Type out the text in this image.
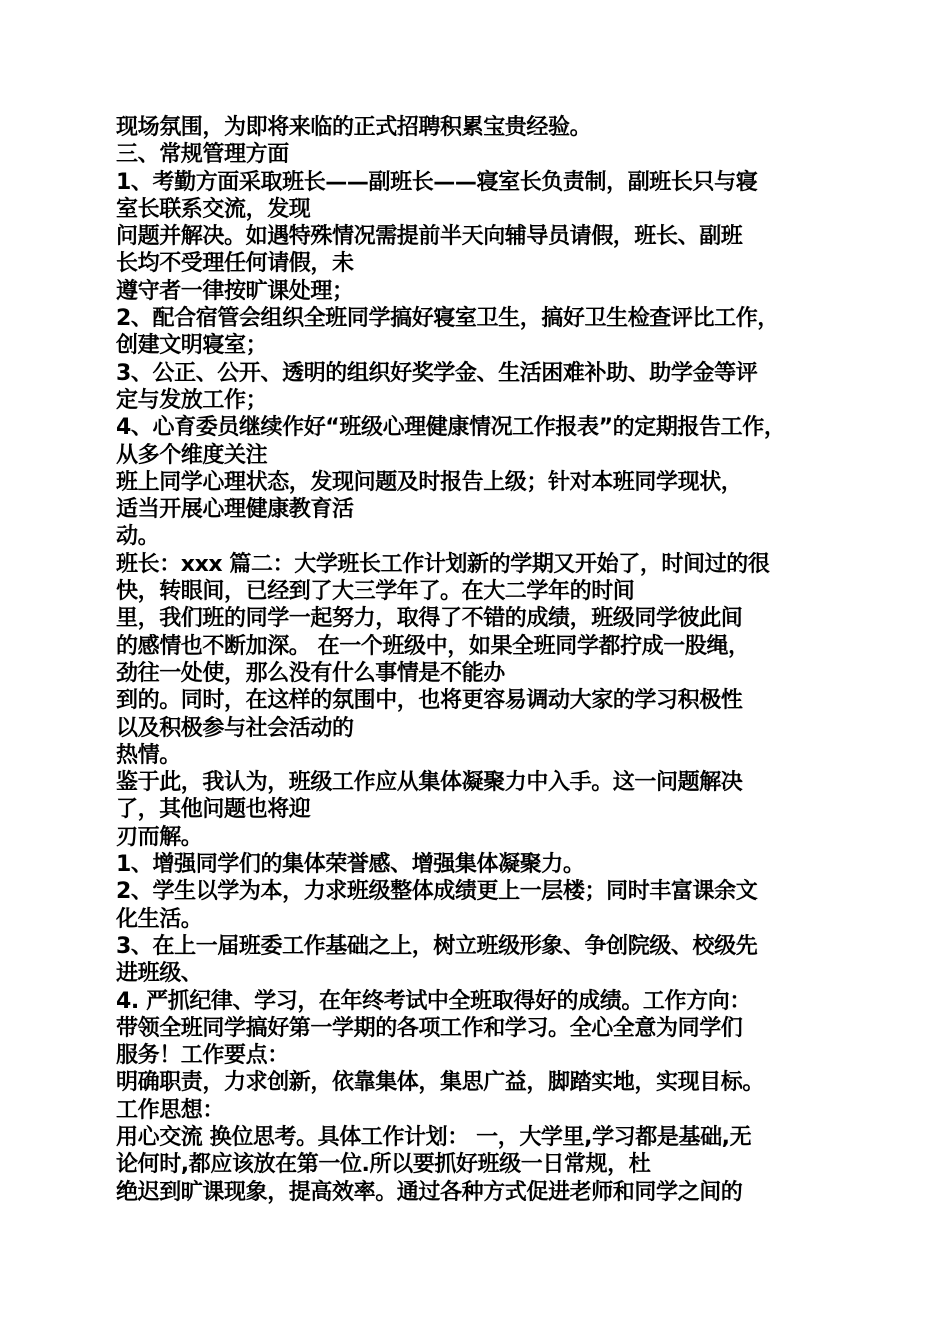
现场氛围，为即将来临的正式招聘积累宝贵经验。
三、常规管理方面
1、考勤方面采取班长——副班长——寝室长负责制，副班长只与寝
室长联系交流，发现
问题并解决。如遇特殊情况需提前半天向辅导员请假，班长、副班
长均不受理任何请假，未
遵守者一律按旷课处理；
2、配合宿管会组织全班同学搞好寝室卫生，搞好卫生检查评比工作，
创建文明寝室；
3、公正、公开、透明的组织好奖学金、生活困难补助、助学金等评
定与发放工作；
4、心育委员继续作好“班级心理健康情况工作报表”的定期报告工作，
从多个维度关注
班上同学心理状态，发现问题及时报告上级；针对本班同学现状，
适当开展心理健康教育活
动。
班长：xxx 篇二：大学班长工作计划新的学期又开始了，时间过的很
快，转眼间，已经到了大三学年了。在大二学年的时间
里，我们班的同学一起努力，取得了不错的成绩，班级同学彼此间
的感情也不断加深。 在一个班级中，如果全班同学都拧成一股绳，
劲往一处使，那么没有什么事情是不能办
到的。同时，在这样的氛围中，也将更容易调动大家的学习积极性
以及积极参与社会活动的
热情。
鉴于此，我认为，班级工作应从集体凝聚力中入手。这一问题解决
了，其他问题也将迎
刃而解。
1、增强同学们的集体荣誉感、增强集体凝聚力。
2、学生以学为本，力求班级整体成绩更上一层楼；同时丰富课余文
化生活。
3、在上一届班委工作基础之上，树立班级形象、争创院级、校级先
进班级、
4. 严抓纪律、学习，在年终考试中全班取得好的成绩。工作方向：
带领全班同学搞好第一学期的各项工作和学习。全心全意为同学们
服务！工作要点：
明确职责，力求创新，依靠集体，集思广益，脚踏实地，实现目标。
工作思想：
用心交流 换位思考。具体工作计划： 一，大学里,学习都是基础,无
论何时,都应该放在第一位.所以要抓好班级一日常规，杜
绝迟到旷课现象，提高效率。通过各种方式促进老师和同学之间的
